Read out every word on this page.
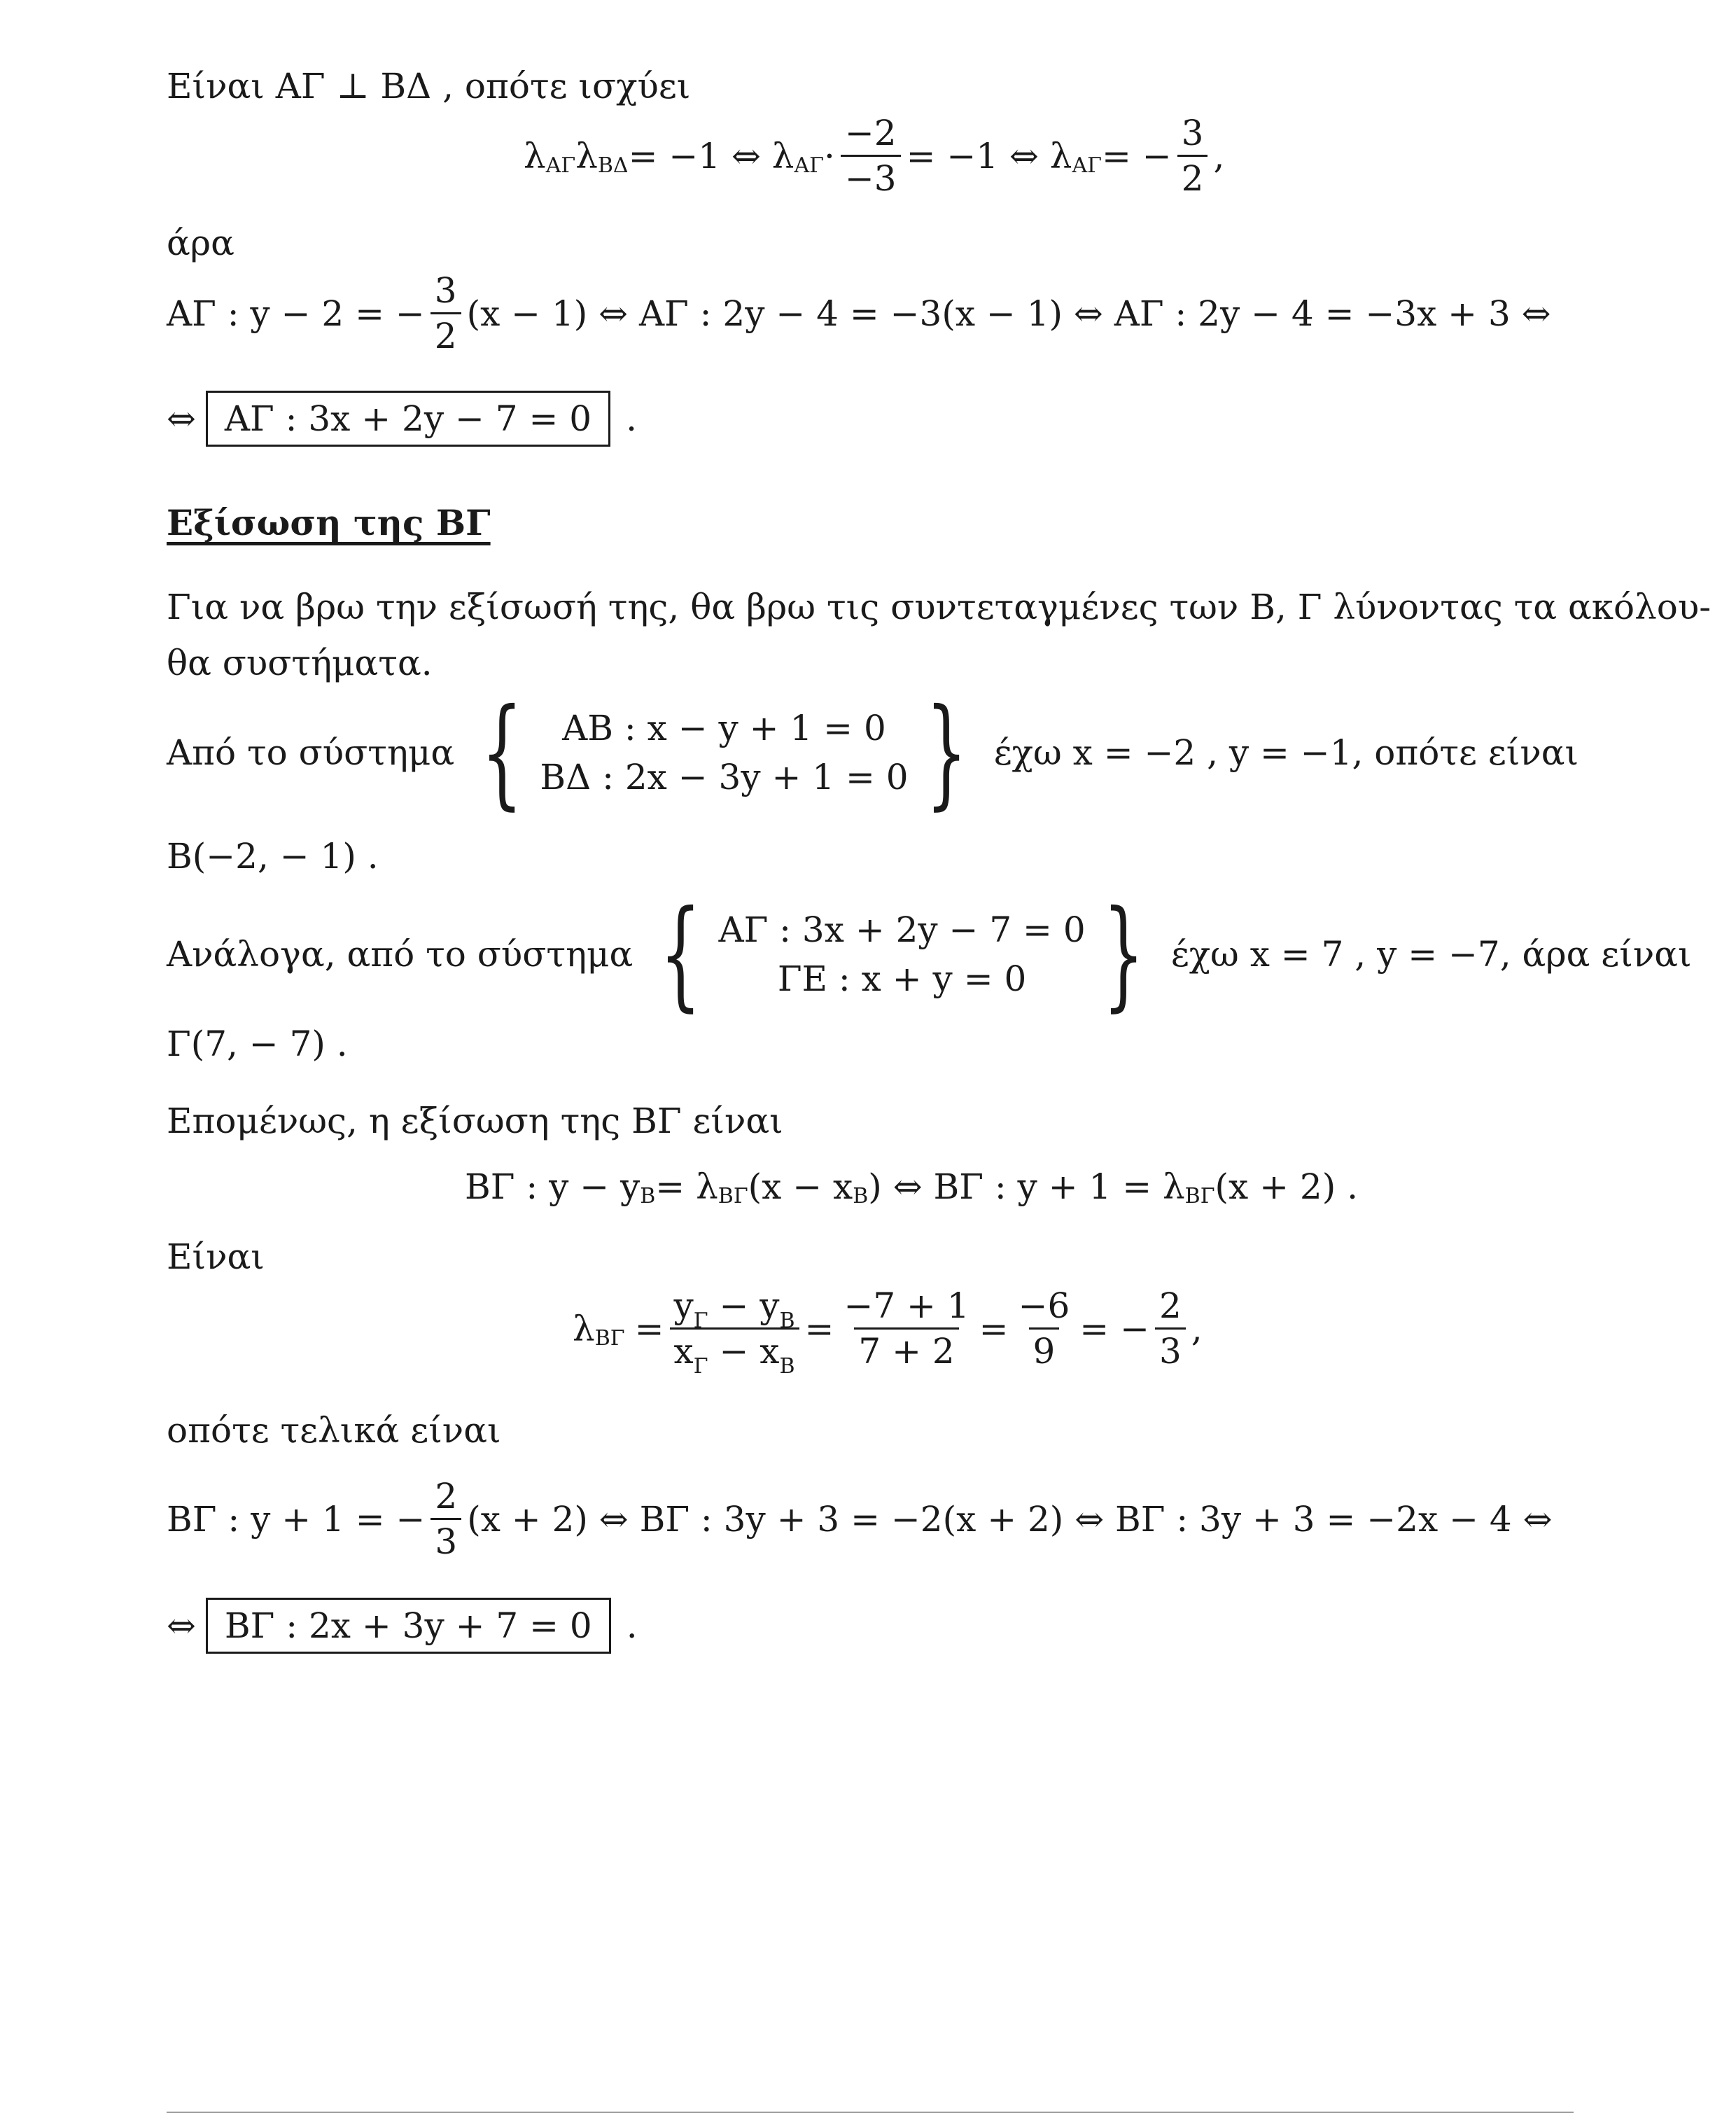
Είναι ΑΓ ⊥ ΒΔ , οπότε ισχύει
λ ΑΓ λ ΒΔ = −1 ⇔ λ $A\Gamma \cdot \frac{-2}{-3} = -1$ ⇔ λ ΑΓ = − $\frac{3}{2}$ ,
άρα
ΑΓ : y − 2 = − $\frac{3}{2} (x - 1)$ ⇔ ΑΓ : 2y − 4 = −3(x − 1) ⇔ ΑΓ : 2y − 4 = −3x + 3 ⇔
⇔ ΑΓ : 3x + 2y − 7 = 0 .
Εξίσωση της ΒΓ
Για να βρω την εξίσωσή της, θα βρω τις συντεταγμένες των Β, Γ λύνοντας τα ακόλου-
θα συστήματα.
Από το σύστημα { ΑΒ : x − y + 1 = 0
ΒΔ : 2x − 3y + 1 = 0 } έχω x = −2 , y = −1, οπότε είναι
Β(−2, − 1) .
Ανάλογα, από το σύστημα { ΑΓ : 3x + 2y − 7 = 0
ΓΕ : x + y = 0 } έχω x = 7 , y = −7, άρα είναι
Γ(7, − 7) .
Επομένως, η εξίσωση της ΒΓ είναι
ΒΓ : y − y Β = λ ΒΓ (x − x Β ) ⇔ ΒΓ : y + 1 = λ ΒΓ (x + 2) .
Είναι
λ $B\Gamma = \frac{y_\Gamma - y_B}{x_\Gamma - x_B} = \frac{-7 + 1}{7 + 2} = \frac{-6}{9}$ = − $\frac{2}{3}$ ,
οπότε τελικά είναι
ΒΓ : y + 1 = − $\frac{2}{3} (x + 2)$ ⇔ ΒΓ : 3y + 3 = −2(x + 2) ⇔ ΒΓ : 3y + 3 = −2x − 4 ⇔
⇔ ΒΓ : 2x + 3y + 7 = 0 .
